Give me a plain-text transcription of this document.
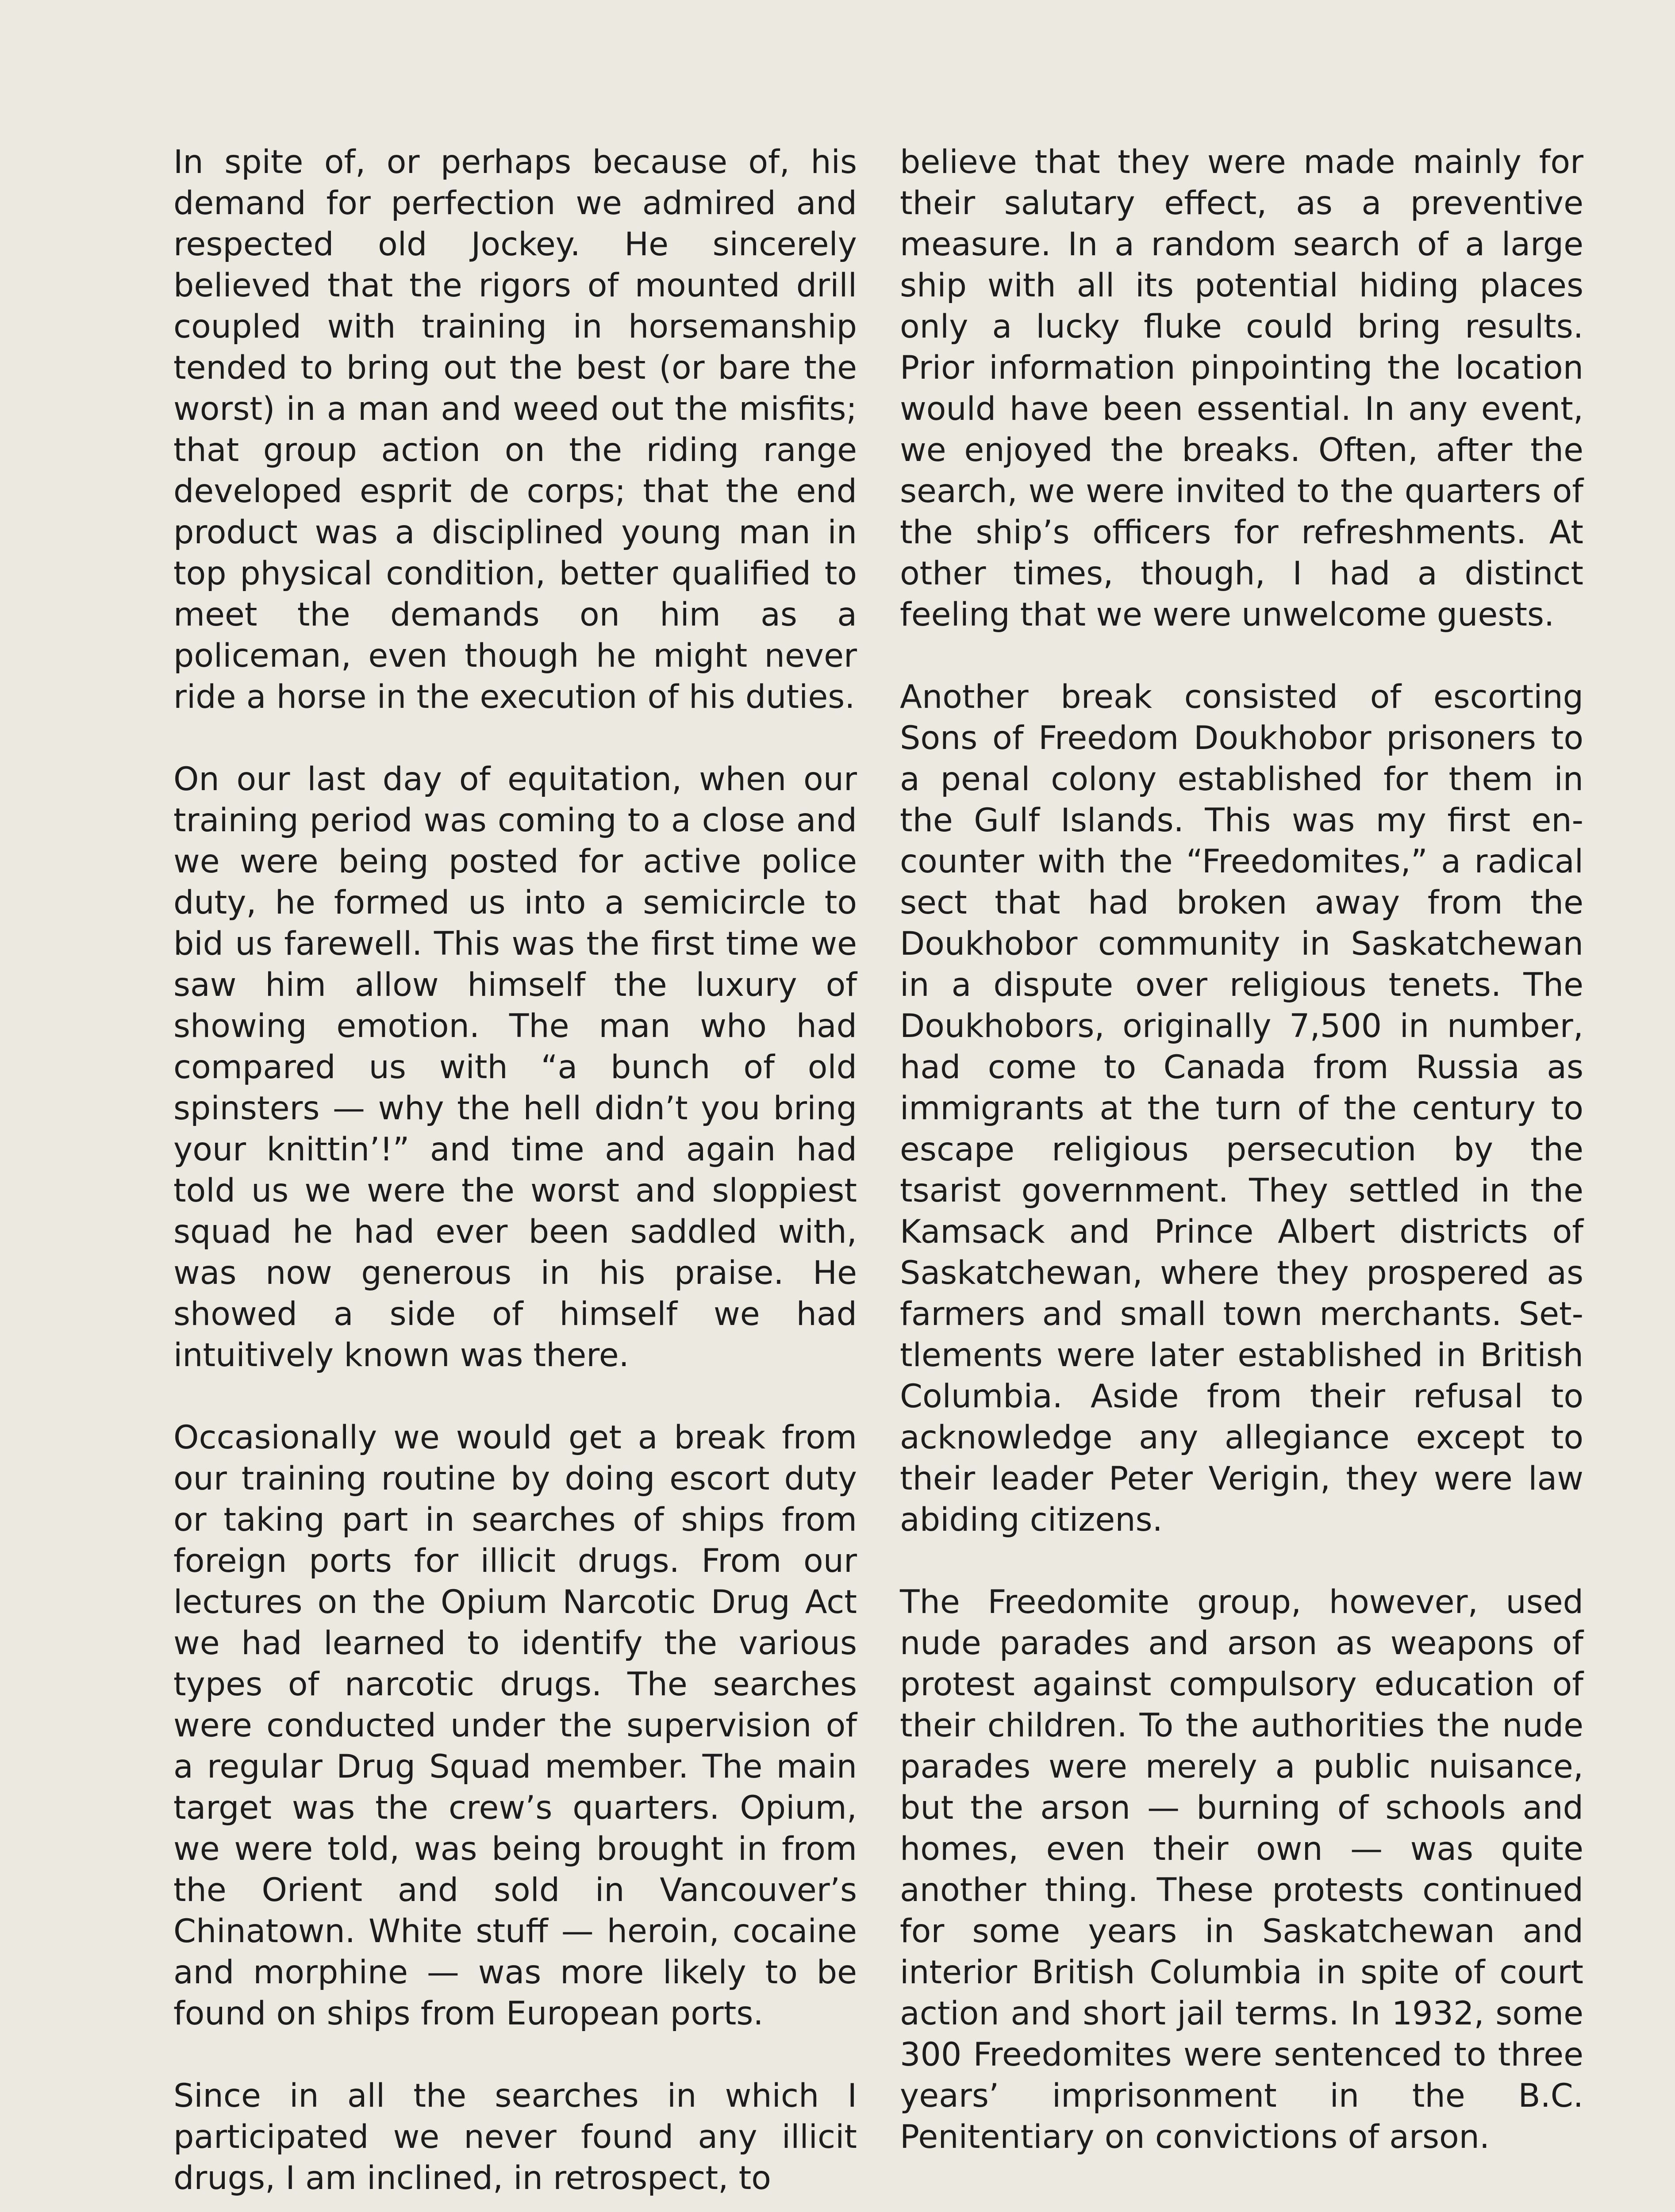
In spite of, or perhaps because of, his demand for perfection we admired and respected old Jockey. He sincerely believed that the rigors of mounted drill coupled with training in horsemanship tended to bring out the best (or bare the worst) in a man and weed out the misfits; that group action on the riding range developed esprit de corps; that the end product was a disciplined young man in top physical condition, better qualified to meet the demands on him as a policeman, even though he might never ride a horse in the execution of his duties.

On our last day of equitation, when our training period was coming to a close and we were being posted for active police duty, he formed us into a semicircle to bid us farewell. This was the first time we saw him allow himself the luxury of showing emotion. The man who had compared us with “a bunch of old spinsters — why the hell didn’t you bring your knittin’!” and time and again had told us we were the worst and sloppiest squad he had ever been saddled with, was now generous in his praise. He showed a side of himself we had intuitively known was there.

Occasionally we would get a break from our training routine by doing escort duty or taking part in searches of ships from foreign ports for illicit drugs. From our lectures on the Opium Narcotic Drug Act we had learned to identify the various types of narcotic drugs. The searches were conducted under the supervision of a regular Drug Squad member. The main target was the crew’s quarters. Opium, we were told, was being brought in from the Orient and sold in Vancouver’s Chinatown. White stuff — heroin, cocaine and morphine — was more likely to be found on ships from European ports.

Since in all the searches in which I participated we never found any illicit drugs, I am inclined, in retrospect, to

believe that they were made mainly for their salutary effect, as a preventive measure. In a random search of a large ship with all its potential hiding places only a lucky fluke could bring results. Prior information pinpointing the location would have been essential. In any event, we enjoyed the breaks. Often, after the search, we were invited to the quarters of the ship’s officers for refreshments. At other times, though, I had a distinct feeling that we were unwelcome guests.

Another break consisted of escorting Sons of Freedom Doukhobor prisoners to a penal colony established for them in the Gulf Islands. This was my first encounter with the “Freedomites,” a radical sect that had broken away from the Doukhobor community in Saskatchewan in a dispute over religious tenets. The Doukhobors, originally 7,500 in number, had come to Canada from Russia as immigrants at the turn of the century to escape religious persecution by the tsarist government. They settled in the Kamsack and Prince Albert districts of Saskatchewan, where they prospered as farmers and small town merchants. Settlements were later established in British Columbia. Aside from their refusal to acknowledge any allegiance except to their leader Peter Verigin, they were law abiding citizens.

The Freedomite group, however, used nude parades and arson as weapons of protest against compulsory education of their children. To the authorities the nude parades were merely a public nuisance, but the arson — burning of schools and homes, even their own — was quite another thing. These protests continued for some years in Saskatchewan and interior British Columbia in spite of court action and short jail terms. In 1932, some 300 Freedomites were sentenced to three years’ imprisonment in the B.C. Penitentiary on convictions of arson.
